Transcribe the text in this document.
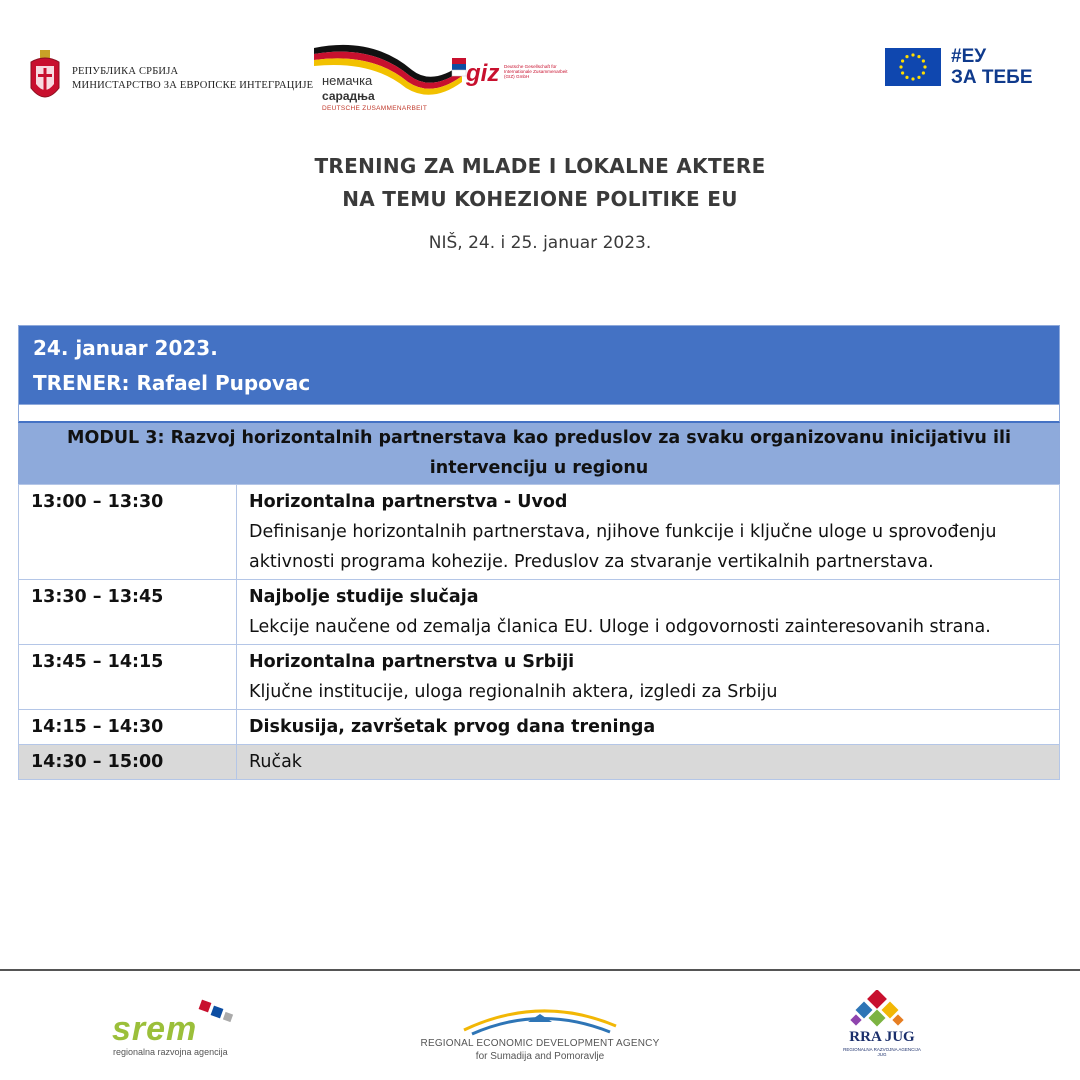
РЕПУБЛИКА СРБИЈА
МИНИСТАРСТВО ЗА ЕВРОПСКЕ ИНТЕГРАЦИЈЕ немачка
сарадња
DEUTSCHE ZUSAMMENARBEIT
giz Deutsche Gesellschaft für Internationale Zusammenarbeit (GIZ) GmbH
#ЕУ
ЗА ТЕБЕ
TRENING ZA MLADE I LOKALNE AKTERE
NA TEMU KOHEZIONE POLITIKE EU
NIŠ, 24. i 25. januar 2023.
24. januar 2023.
TRENER: Rafael Pupovac
MODUL 3: Razvoj horizontalnih partnerstava kao preduslov za svaku organizovanu inicijativu ili intervenciju u regionu
13:00 – 13:30	Horizontalna partnerstva - Uvod
Definisanje horizontalnih partnerstava, njihove funkcije i ključne uloge u sprovođenju aktivnosti programa kohezije. Preduslov za stvaranje vertikalnih partnerstava.

13:30 – 13:45	Najbolje studije slučaja
Lekcije naučene od zemalja članica EU. Uloge i odgovornosti zainteresovanih strana.

13:45 – 14:15	Horizontalna partnerstva u Srbiji
Ključne institucije, uloga regionalnih aktera, izgledi za Srbiju

14:15 – 14:30	Diskusija, završetak prvog dana treninga

14:30 – 15:00	Ručak
srem
regionalna razvojna agencija
REGIONAL ECONOMIC DEVELOPMENT AGENCY
for Sumadija and Pomoravlje
RRA JUG
REGIONALNA RAZVOJNA AGENCIJA JUG
